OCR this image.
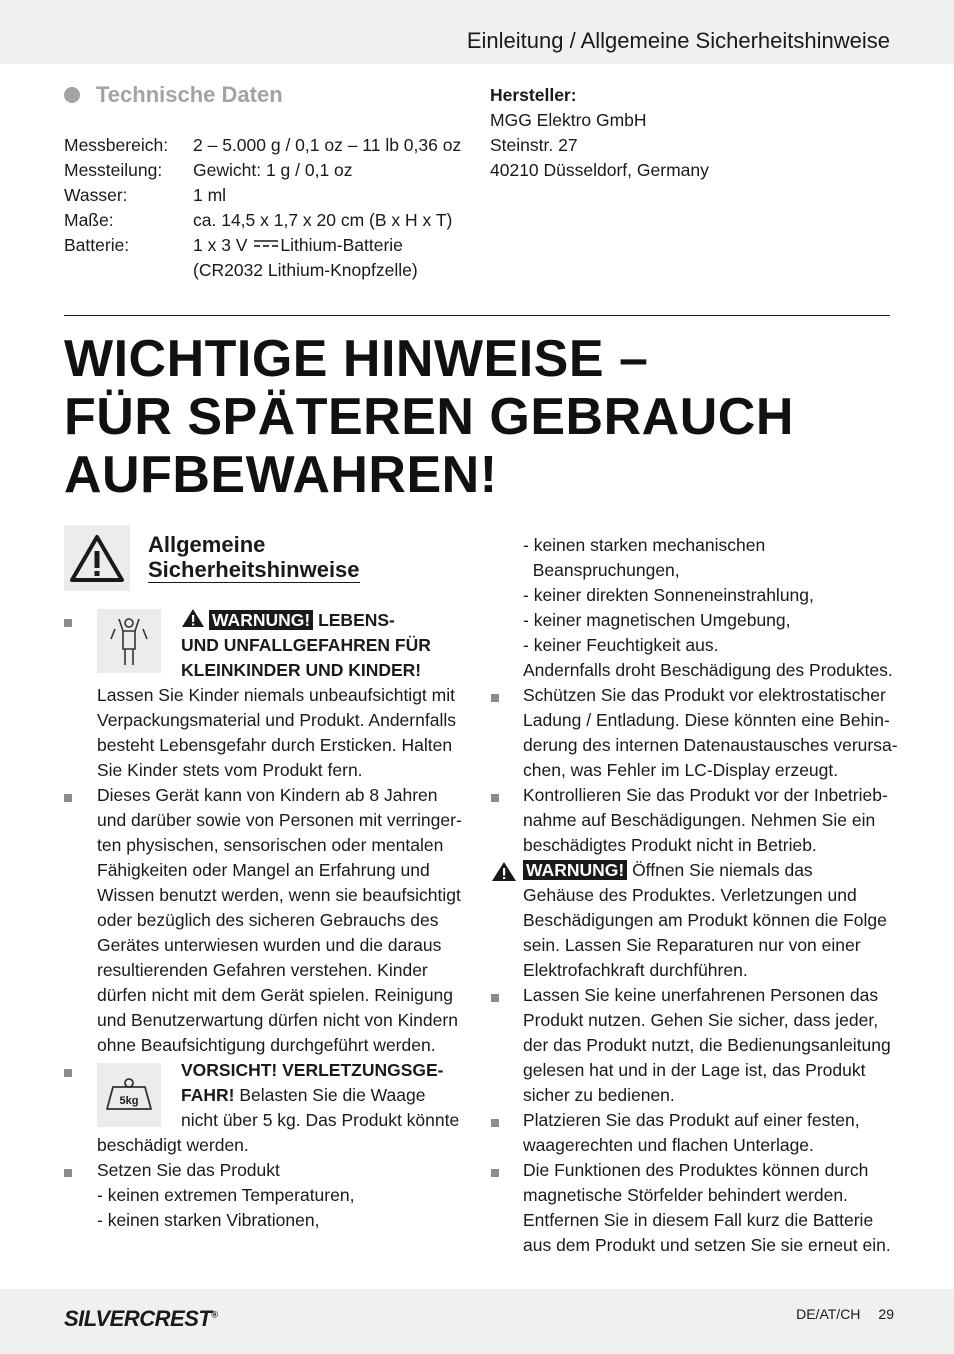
Einleitung / Allgemeine Sicherheitshinweise
Technische Daten
Messbereich: 2 – 5.000 g / 0,1 oz – 11 lb 0,36 oz
Messteilung: Gewicht: 1 g / 0,1 oz
Wasser:	1 ml
Maße:	ca. 14,5 x 1,7 x 20 cm (B x H x T)
Batterie:	1 x 3 V Lithium-Batterie
(CR2032 Lithium-Knopfzelle)
Hersteller:
MGG Elektro GmbH
Steinstr. 27
40210 Düsseldorf, Germany
WICHTIGE HINWEISE –
FÜR SPÄTEREN GEBRAUCH
AUFBEWAHREN!
Allgemeine
Sicherheitshinweise
WARNUNG! LEBENS-
UND UNFALLGEFAHREN FÜR
KLEINKINDER UND KINDER!
Lassen Sie Kinder niemals unbeaufsichtigt mit
Verpackungsmaterial und Produkt. Andernfalls
besteht Lebensgefahr durch Ersticken. Halten
Sie Kinder stets vom Produkt fern.
Dieses Gerät kann von Kindern ab 8 Jahren
und darüber sowie von Personen mit verringer-
ten physischen, sensorischen oder mentalen
Fähigkeiten oder Mangel an Erfahrung und
Wissen benutzt werden, wenn sie beaufsichtigt
oder bezüglich des sicheren Gebrauchs des
Gerätes unterwiesen wurden und die daraus
resultierenden Gefahren verstehen. Kinder
dürfen nicht mit dem Gerät spielen. Reinigung
und Benutzerwartung dürfen nicht von Kindern
ohne Beaufsichtigung durchgeführt werden.
5kg
VORSICHT! VERLETZUNGSGE-
FAHR! Belasten Sie die Waage
nicht über 5 kg. Das Produkt könnte
beschädigt werden.
Setzen Sie das Produkt
- keinen extremen Temperaturen,
- keinen starken Vibrationen,
- keinen starken mechanischen
Beanspruchungen,
- keiner direkten Sonneneinstrahlung,
- keiner magnetischen Umgebung,
- keiner Feuchtigkeit aus.
Andernfalls droht Beschädigung des Produktes.
Schützen Sie das Produkt vor elektrostatischer
Ladung / Entladung. Diese könnten eine Behin-
derung des internen Datenaustausches verursa-
chen, was Fehler im LC-Display erzeugt.
Kontrollieren Sie das Produkt vor der Inbetrieb-
nahme auf Beschädigungen. Nehmen Sie ein
beschädigtes Produkt nicht in Betrieb.
WARNUNG! Öffnen Sie niemals das
Gehäuse des Produktes. Verletzungen und
Beschädigungen am Produkt können die Folge
sein. Lassen Sie Reparaturen nur von einer
Elektrofachkraft durchführen.
Lassen Sie keine unerfahrenen Personen das
Produkt nutzen. Gehen Sie sicher, dass jeder,
der das Produkt nutzt, die Bedienungsanleitung
gelesen hat und in der Lage ist, das Produkt
sicher zu bedienen.
Platzieren Sie das Produkt auf einer festen,
waagerechten und flachen Unterlage.
Die Funktionen des Produktes können durch
magnetische Störfelder behindert werden.
Entfernen Sie in diesem Fall kurz die Batterie
aus dem Produkt und setzen Sie sie erneut ein.
SILVERCREST®	DE/AT/CH 29
